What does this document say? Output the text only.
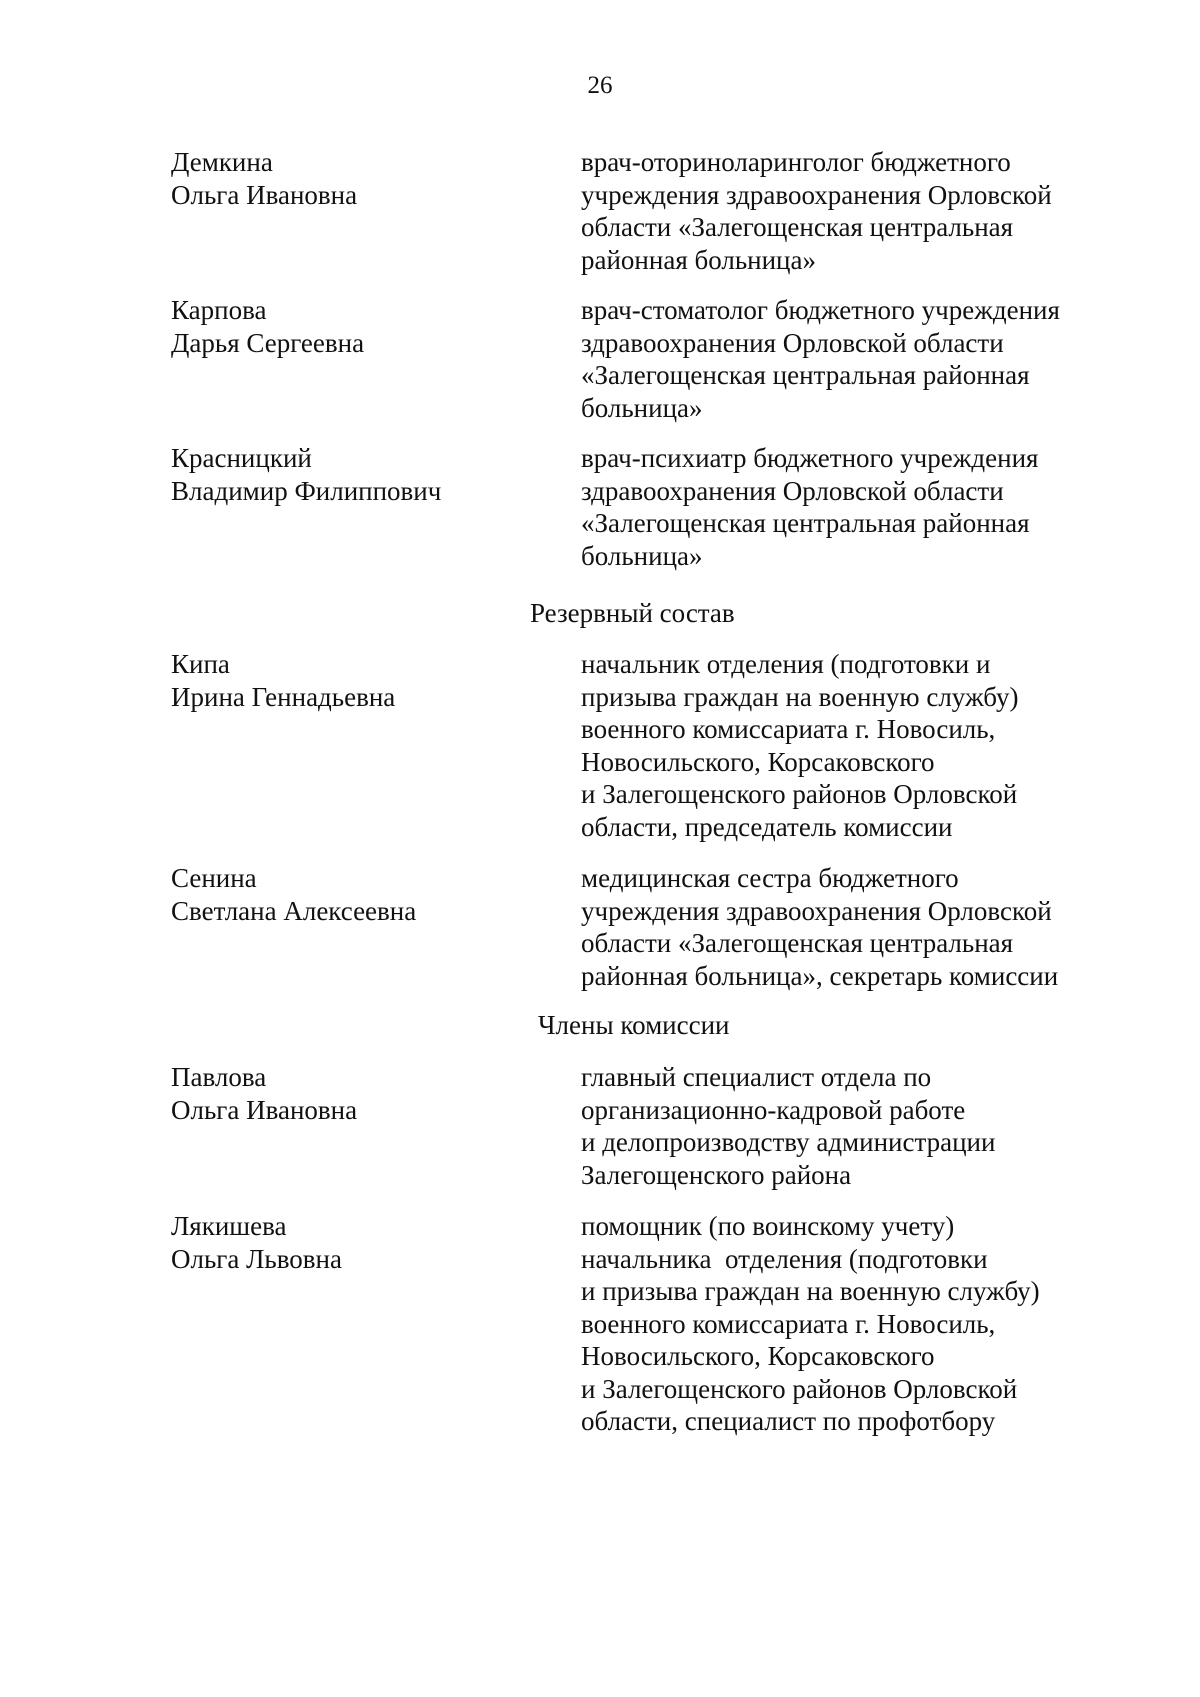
26
Демкина
Ольга Ивановна
врач-оториноларинголог бюджетного
учреждения здравоохранения Орловской
области «Залегощенская центральная
районная больница»
Карпова
Дарья Сергеевна
врач-стоматолог бюджетного учреждения
здравоохранения Орловской области
«Залегощенская центральная районная
больница»
Красницкий
Владимир Филиппович
врач-психиатр бюджетного учреждения
здравоохранения Орловской области
«Залегощенская центральная районная
больница»
Резервный состав
Кипа
Ирина Геннадьевна
начальник отделения (подготовки и
призыва граждан на военную службу)
военного комиссариата г. Новосиль,
Новосильского, Корсаковского
и Залегощенского районов Орловской
области, председатель комиссии
Сенина
Светлана Алексеевна
медицинская сестра бюджетного
учреждения здравоохранения Орловской
области «Залегощенская центральная
районная больница», секретарь комиссии
Члены комиссии
Павлова
Ольга Ивановна
главный специалист отдела по
организационно-кадровой работе
и делопроизводству администрации
Залегощенского района
Лякишева
Ольга Львовна
помощник (по воинскому учету)
начальника  отделения (подготовки
и призыва граждан на военную службу)
военного комиссариата г. Новосиль,
Новосильского, Корсаковского
и Залегощенского районов Орловской
области, специалист по профотбору
